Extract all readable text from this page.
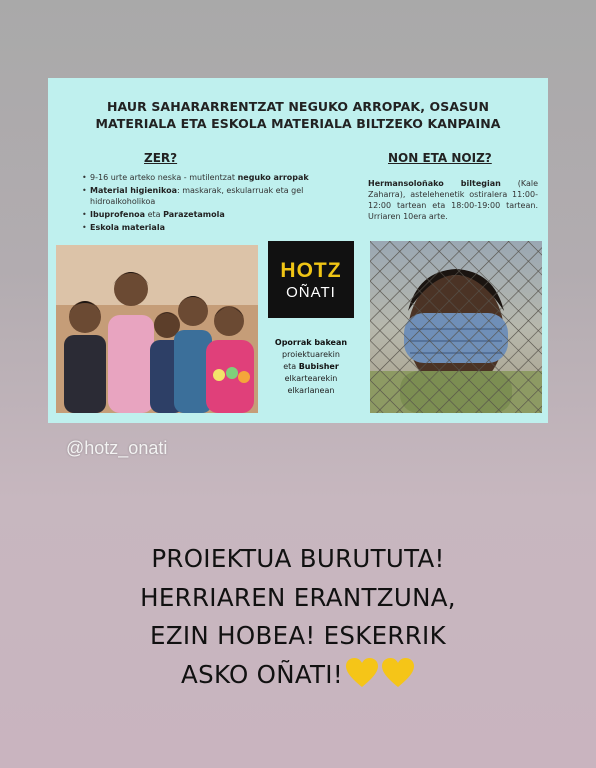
HAUR SAHARARRENTZAT NEGUKO ARROPAK, OSASUN
MATERIALA ETA ESKOLA MATERIALA BILTZEKO KANPAINA
ZER?	NON ETA NOIZ?
• 9-16 urte arteko neska - mutilentzat neguko arropak
• Material higienikoa: maskarak, eskularruak eta gel hidroalkoholikoa
• Ibuprofenoa eta Parazetamola
• Eskola materiala
Hermansoloñako biltegian (Kale Zaharra), astelehenetik ostiralera 11:00-12:00 tartean eta 18:00-19:00 tartean. Urriaren 10era arte.
HOTZ
OÑATI
Oporrak bakean
proiektuarekin
eta Bubisher
elkartearekin
elkarlanean
@hotz_onati
PROIEKTUA BURUTUTA!
HERRIAREN ERANTZUNA,
EZIN HOBEA! ESKERRIK
ASKO OÑATI!
